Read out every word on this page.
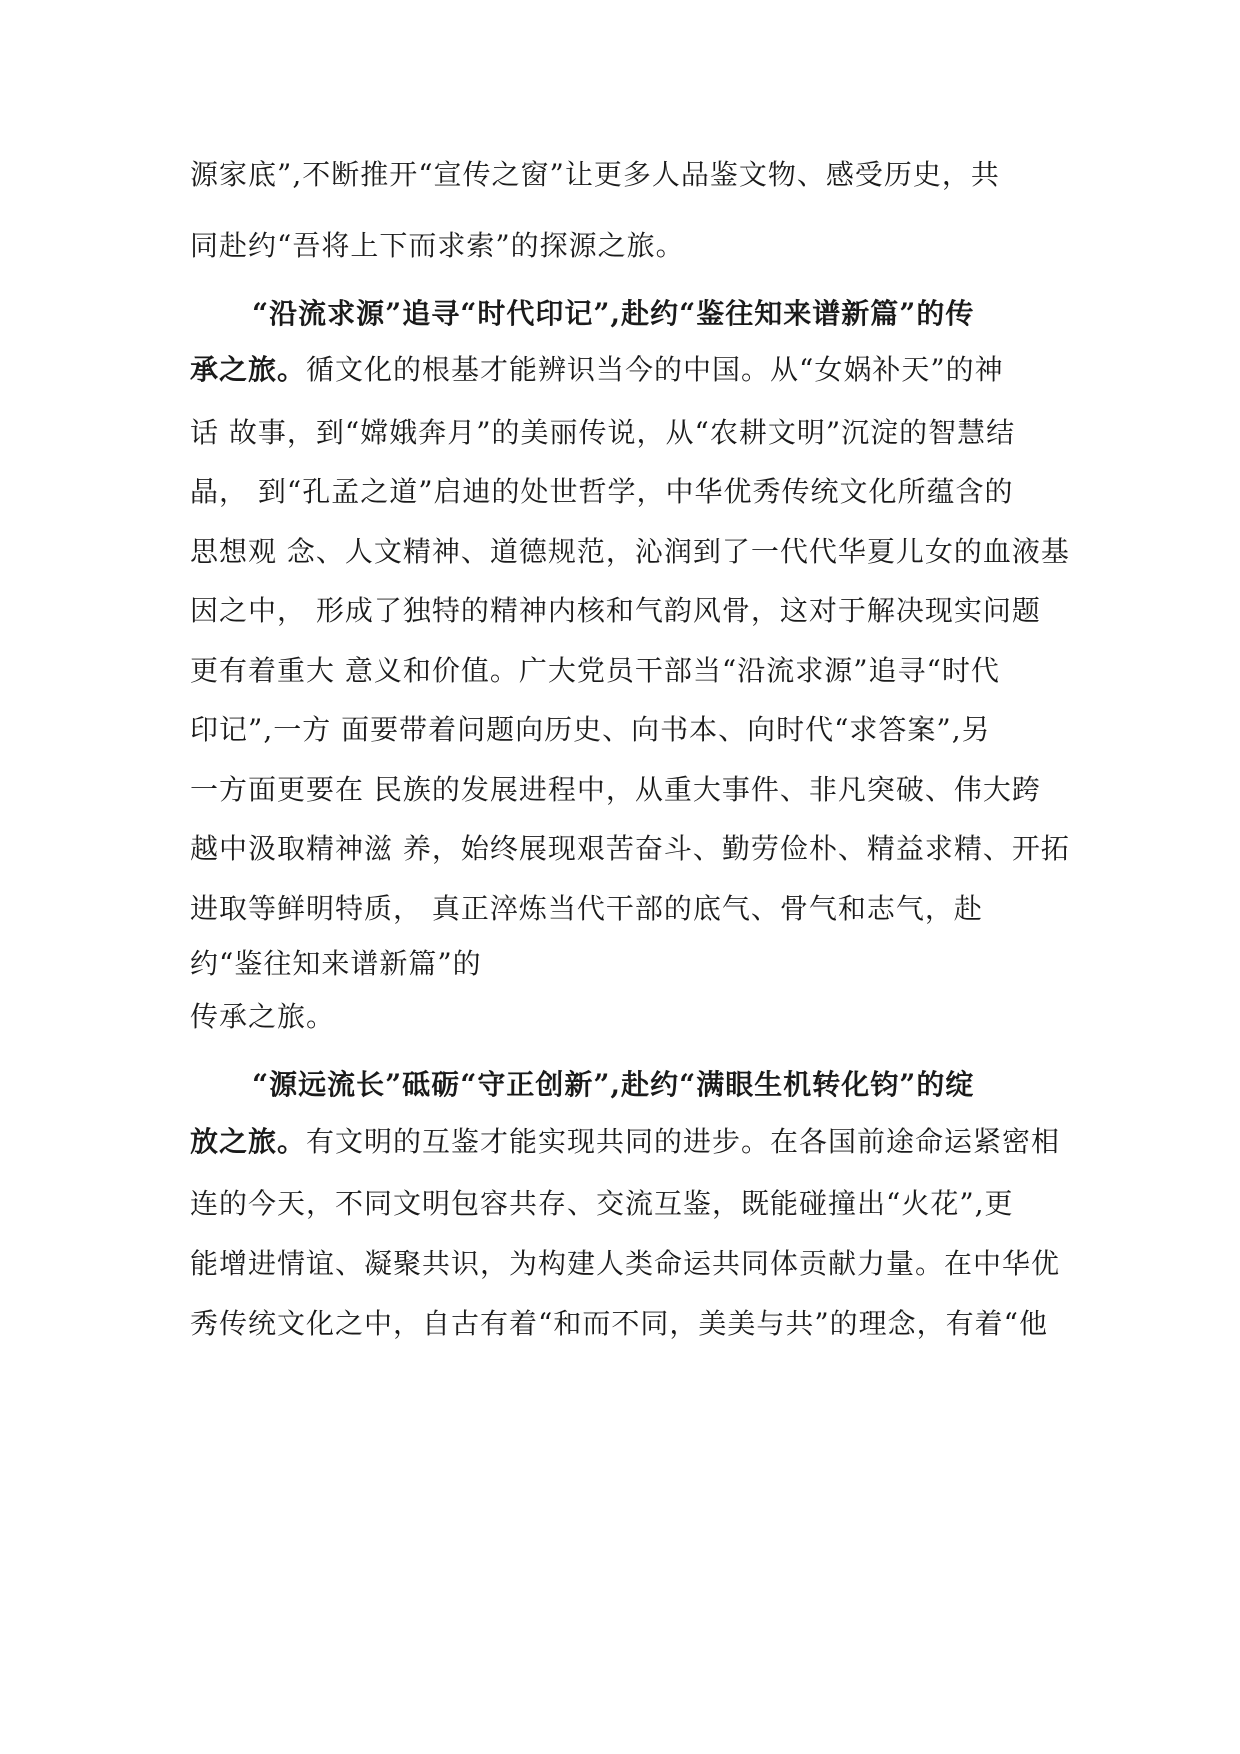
源家底”,不断推开“宣传之窗”让更多人品鉴文物、感受历史，共
同赴约“吾将上下而求索”的探源之旅。
“沿流求源”追寻“时代印记”,赴约“鉴往知来谱新篇”的传
承之旅。循文化的根基才能辨识当今的中国。从“女娲补天”的神
话 故事，到“嫦娥奔月”的美丽传说，从“农耕文明”沉淀的智慧结
晶， 到“孔孟之道”启迪的处世哲学，中华优秀传统文化所蕴含的
思想观 念、人文精神、道德规范，沁润到了一代代华夏儿女的血液基
因之中， 形成了独特的精神内核和气韵风骨，这对于解决现实问题
更有着重大 意义和价值。广大党员干部当“沿流求源”追寻“时代
印记”,一方 面要带着问题向历史、向书本、向时代“求答案”,另
一方面更要在 民族的发展进程中，从重大事件、非凡突破、伟大跨
越中汲取精神滋 养，始终展现艰苦奋斗、勤劳俭朴、精益求精、开拓
进取等鲜明特质， 真正淬炼当代干部的底气、骨气和志气，赴
约“鉴往知来谱新篇”的
传承之旅。
“源远流长”砥砺“守正创新”,赴约“满眼生机转化钧”的绽
放之旅。有文明的互鉴才能实现共同的进步。在各国前途命运紧密相
连的今天，不同文明包容共存、交流互鉴，既能碰撞出“火花”,更
能增进情谊、凝聚共识，为构建人类命运共同体贡献力量。在中华优
秀传统文化之中，自古有着“和而不同，美美与共”的理念，有着“他
